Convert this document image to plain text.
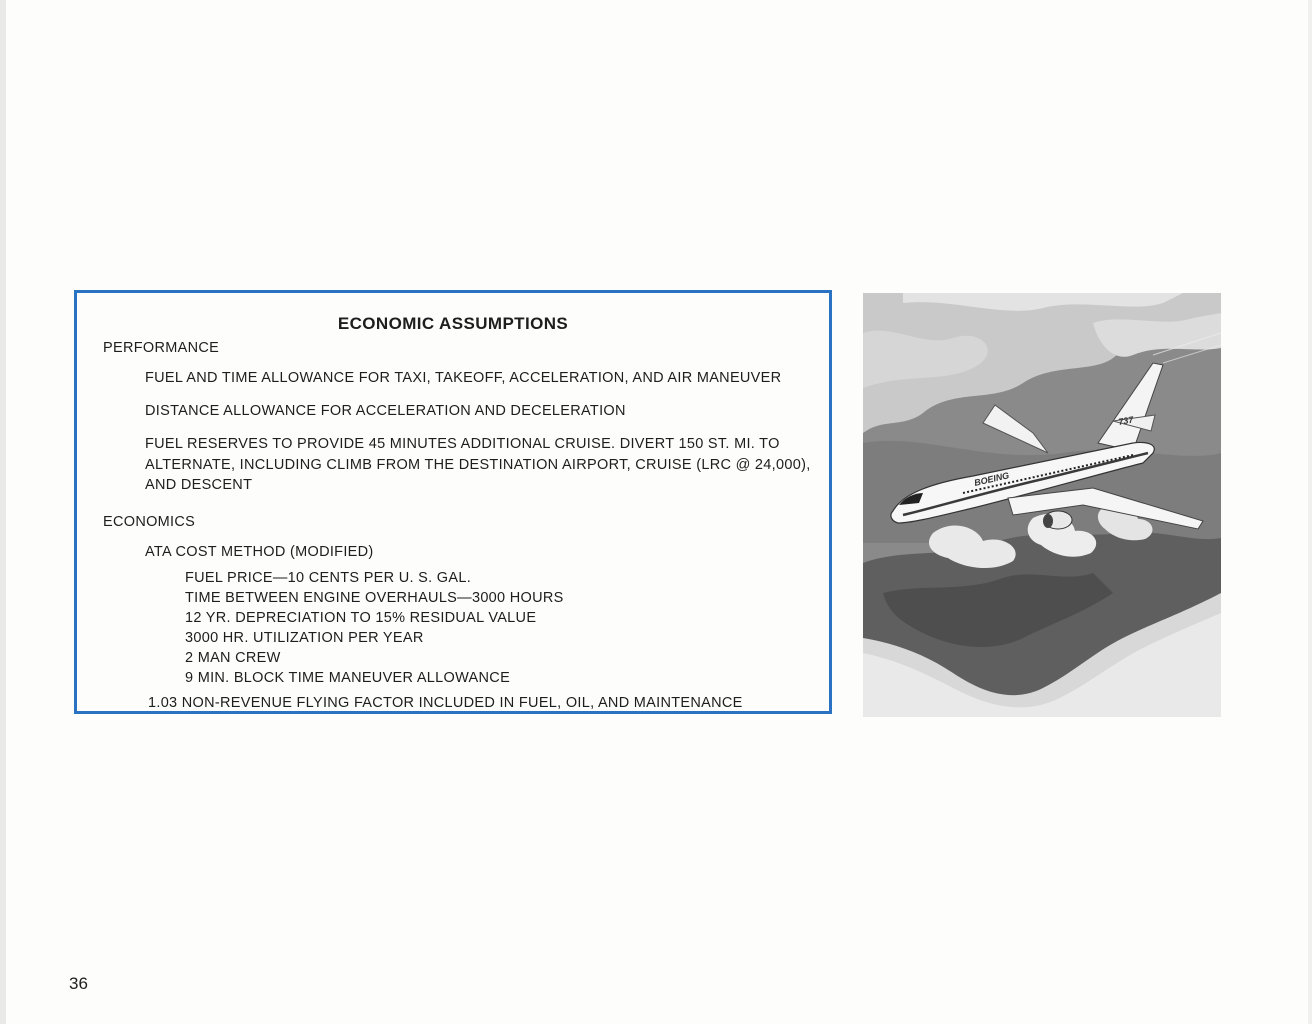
ECONOMIC ASSUMPTIONS
PERFORMANCE
FUEL AND TIME ALLOWANCE FOR TAXI, TAKEOFF, ACCELERATION, AND AIR MANEUVER
DISTANCE ALLOWANCE FOR ACCELERATION AND DECELERATION
FUEL RESERVES TO PROVIDE 45 MINUTES ADDITIONAL CRUISE. DIVERT 150 ST. MI. TO
ALTERNATE, INCLUDING CLIMB FROM THE DESTINATION AIRPORT, CRUISE (LRC @ 24,000),
AND DESCENT
ECONOMICS
ATA COST METHOD (MODIFIED)
FUEL PRICE—10 CENTS PER U. S. GAL.
TIME BETWEEN ENGINE OVERHAULS—3000 HOURS
12 YR. DEPRECIATION TO 15% RESIDUAL VALUE
3000 HR. UTILIZATION PER YEAR
2 MAN CREW
9 MIN. BLOCK TIME MANEUVER ALLOWANCE
1.03 NON-REVENUE FLYING FACTOR INCLUDED IN FUEL, OIL, AND MAINTENANCE
BOEING
737
36
